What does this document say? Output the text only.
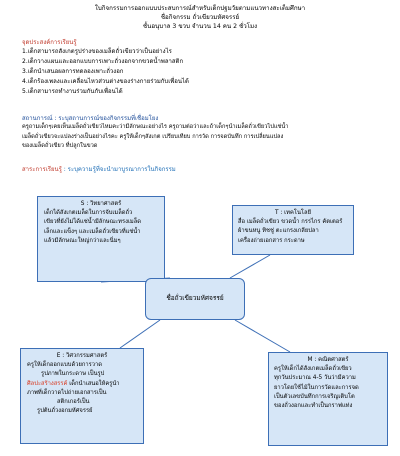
ใบกิจกรรมการออกแบบประสบการณ์สำหรับเด็กปฐมวัยตามแนวทางสะเต็มศึกษา
ชื่อกิจกรรม ถั่วเขียวมหัศจรรย์
ชั้นอนุบาล 3 ขวบ จำนวน 14 คน 2 ชั่วโมง
จุดประสงค์การเรียนรู้
1.เด็กสามารถสังเกตรูปร่างของเมล็ดถั่วเขียวว่าเป็นอย่างไร
2.เด็กวางแผนและออกแบบการเพาะถั่วงอกจากขวดน้ำพลาสติก
3.เด็กนำเสนอผลการทดลองเพาะถั่วงอก
4.เด็กร้องเพลงและเคลื่อนไหวส่วนต่างของร่างกายร่วมกับเพื่อนได้
5.เด็กสามารถทำงานร่วมกันกับเพื่อนได้
สถานการณ์ : ระบุสถานการณ์ของกิจกรรมที่เชื่อมโยง
ครูถามเด็กๆเคยเห็นเมล็ดถั่วเขียวไหมคะว่ามีลักษณะอย่างไร ครูถามต่อว่าและถ้าเด็กๆนำเมล็ดถั่วเขียวไปแช่น้ำ
เมล็ดถั่วเขียวจะแปลงร่างเป็นอย่างไรคะ ครูให้เด็กๆสังเกต เปรียบเทียบ การวัด การจดบันทึก การเปลี่ยนแปลง
ของเมล็ดถั่วเขียว ที่ปลูกในขวด
สาระการเรียนรู้ : ระบุความรู้ที่จะนำมาบูรณาการในกิจกรรม
S : วิทยาศาสตร์
เด็กได้สังเกตเมล็ดในการจับเมล็ดถั่ว
เขียวที่ยังไม่ได้แช่น้ำมีลักษณะทรงเมล็ด
เล็กและแข็งๆ และเมล็ดถั่วเขียวที่แช่น้ำ
แล้วมีลักษณะใหญ่กว่าและนิ่มๆ
T : เทคโนโลยี
สื่อ เมล็ดถั่วเขียว ขวดน้ำ กรรไกร คัตเตอร์
ผ้าขนหนู ทิชชู่ ตะแกรงเกลียปลา
เครื่องถ่ายเอกสาร กระดาษ
ชื่อถั่วเขียวมหัศจรรย์
E : วิศวกรรมศาสตร์
ครูให้เด็กออกแบบด้วยการวาด
รูปภาพในกระดาษ เป็นรูป
ศิลปะสร้างสรรค์ เด็กนำเสนอให้ครูนำ
ภาพที่เด็กวาดไปถ่ายเอกสารเป็น
สติกเกอร์เป็น
รูปต้นถั่วงอกมหัศจรรย์
M : คณิตศาสตร์
ครูให้เด็กได้สังเกตเมล็ดถั่วเขียว
ทุกวันประมาณ 4-5 วันว่ามีความ
ยาวโดยใช้ไม้ในการวัดและการจด
เป็นตัวเลขบันทึกการเจริญเติบโต
ของถั่วงอกและทำเป็นกราฟแท่ง
